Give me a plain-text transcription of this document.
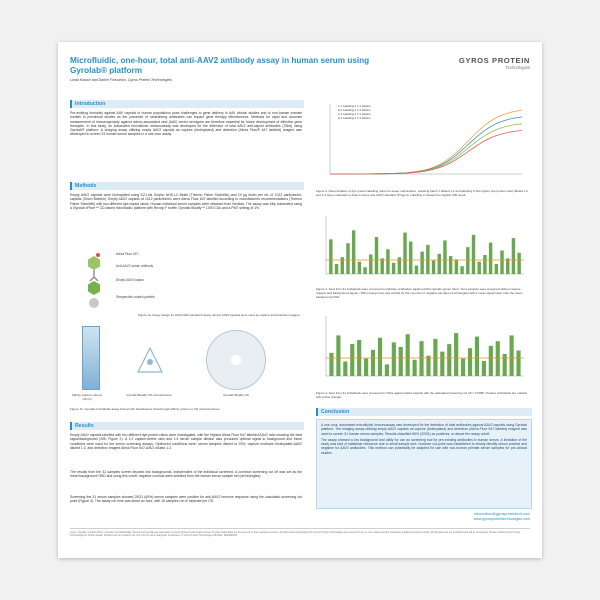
Microfluidic, one-hour, total anti-AAV2 antibody assay in human serum using Gyrolab® platform
Linda Klasse and Daniel Forsström, Gyros Protein Technologies
GYROS PROTEIN
Technologies
Introduction
Pre-existing immunity against AAV capsids in human populations pose challenges to gene delivery in AAV clinical studies and to non-human primate models in preclinical studies as the presence of neutralizing antibodies can impact gene therapy effectiveness. Methods for rapid and accurate measurement of immunogenicity against adeno-associated viral (AAV) vector serotypes are therefore essential for future development of effective gene therapies. In this study, an automated microfluidic immunoassay was developed for the detection of total AAV2 anti-capsid antibodies (TAbs) using Gyrolab® platform. A bridging assay utilizing empty AAV2 capsids as capture (biotinylated) and detection (Alexa Fluor® 647 labeled) reagent was developed to screen 31 human serum samples in a one-hour assay.
Methods
Empty AAV2 capsids were biotinylated using EZ-Link Sulpho NHS-LC-Biotin (Thermo Fisher Scientific) and 10 µg biotin per mL of 1012 particles/mL capsids (Sirion Biotech). Empty AAV2 capsids at 1012 particles/mL were Alexa Fluor 647 labelled according to manufactures recommendations (Thermo Fisher Scientific) with two different dye:capsid ratios. Human individual serum samples were obtained from Seralab. The assay was fully automated using a Gyrolab xPlore™ CD-based microfluidic platform with Rexxip F buffer, Gyrolab Bioaffy™ 1000 CDs and a PMT setting of 1%.
Alexa Fluor 647
Anti-AAV2 serum antibody
Empty AAV2 capsid
Streptavidin-coated particle
Figure 1a. Assay design for AAV2 ADA sandwich assay. Empty AAV2 capsids were used as capture and detection reagent.
Affinity capture column (15 nL)
Gyrolab Bioaffy CD microstructure	Gyrolab Bioaffy CD
Figure 1b. Gyrolab microfluidic assay format with bead-based, flow-through affinity column in CD microstructures.
Results
Empty AAV2 capsids labelled with two different dye:protein ratios were investigated, with the highest Alexa Fluor 647 labelled AAV2 ratio showing the best signal/background (S/B, Figure 2). A 1:2 capture:detect ratio and 1:4 serum sample dilution also produced optimal signal to background and these conditions were used for the serum screening assays. Optimized conditions were: serum samples diluted to 25%, capture molecule biotinylated-AAV2 diluted 1:2, and detection reagent Alexa Fluor 647-AAV2 diluted 1:2.
The results from the 31 samples screen showed low backgrounds, independent of the individual screened. A common screening cut off was set as the mean background+3SD and using this cutoff, negative controls were selected from the human serum sample set (red triangles).
Screening the 31 serum samples showed 25/31 (65%) serum samples were positive for anti-AAV2 immune response using the calculated screening cut point (Figure 4). The assay run time was about an hour, with 16 samples run in triplicate per CD.
■ 1 Labelling:1 1:1 dilution
■ 2 Labelling:1 1:2 dilution
■ 3 Labelling:2 1:1 dilution
■ 4 Labelling:2 1:2 dilution
Figure 2. Determination of dye:protein labelling ratios for assay optimisation. Labeling batch 1 diluted 1:2 and labelling 2 (the higher dye:protein ratio) diluted 1:2 and 1:4 were evaluated to detect mouse anti-AAV2 standard (Progen). Labelling 2 showed the highest S/B result.
Figure 3. Sera from 31 individuals were screened in triplicate. Antibodies against AAV2 capsids (green bars). Sera samples were screened without capture reagent and background signal + 3SD (orange line) was plotted for the cut-point of negative samples (red triangles) with a mean signal lower than the mean background+3SD.
Figure 4. Sera from 31 individuals were screened for TAbs against AAV2 capsids with the calculated screening cut-off = 0.0995. Positive individuals are marked with a blue triangle.
Conclusion
A one-hour, automated microfluidic immunoassay was developed for the detection of total antibodies against AAV2 capsids using Gyrolab platform. The bridging assay utilizing empty AAV2 capsids as capture (biotinylated) and detection (Alexa Fluor 647 labeled) reagent was used to screen 31 human serum samples. Results classified 65% (20/31) as positives, or above the assay cutoff.
The assay showed a low background and utility for use as screening tool for pre-existing antibodies in human serum. A limitation of the study was lack of statistical relevance due to small sample size, however cut-point was established to clearly identify serum positive and negative for AAV2 antibodies. This method can potentially be adapted for use with non-human primate serum samples for pre-clinical studies.
information@gyrosproteintech.com
www.gyrosproteintechnologies.com
Gyros, Gyrolab, Gyrolab xPlore, Gyroplex, Gyrolab Bioaffy, Rexxip and Gyrolab are trademarks of Gyros Protein Technologies Group. All other trademarks are the property of their respective owners. Products and technologies from Gyros Protein Technologies are covered by one or more patents and/or proprietary intellectual property rights. All infringements are prohibited and will be prosecuted. Please contact Gyros Protein Technologies for further details. Products are for research use only. Not for use in diagnostic procedures. © Gyros Protein Technologies AB 2020. D0000000/A
